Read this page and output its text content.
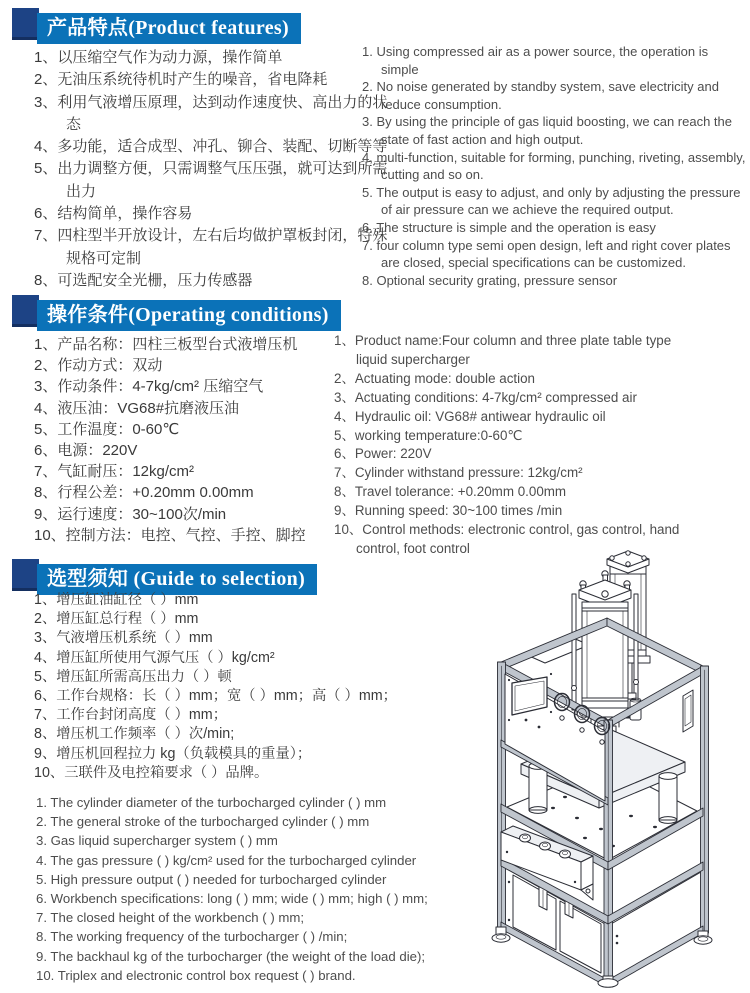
产品特点(Product features)
1、以压缩空气作为动力源，操作简单
2、无油压系统待机时产生的噪音，省电降耗
3、利用气液增压原理，达到动作速度快、高出力的状态
4、多功能，适合成型、冲孔、铆合、装配、切断等等
5、出力调整方便，只需调整气压压强，就可达到所需出力
6、结构简单，操作容易
7、四柱型半开放设计，左右后均做护罩板封闭，特殊规格可定制
8、可选配安全光栅，压力传感器
1. Using compressed air as a power source, the operation is simple
2. No noise generated by standby system, save electricity and reduce consumption.
3. By using the principle of gas liquid boosting, we can reach the state of fast action and high output.
4, multi-function, suitable for forming, punching, riveting, assembly, cutting and so on.
5. The output is easy to adjust, and only by adjusting the pressure of air pressure can we achieve the required output.
6. The structure is simple and the operation is easy
7. four column type semi open design, left and right cover plates are closed, special specifications can be customized.
8. Optional security grating, pressure sensor
操作条件(Operating conditions)
1、产品名称：四柱三板型台式液增压机
2、作动方式：双动
3、作动条件：4-7kg/cm² 压缩空气
4、液压油：VG68#抗磨液压油
5、工作温度：0-60℃
6、电源：220V
7、气缸耐压：12kg/cm²
8、行程公差：+0.20mm 0.00mm
9、运行速度：30~100次/min
10、控制方法：电控、气控、手控、脚控
1、Product name:Four column and three plate table type liquid supercharger
2、Actuating mode: double action
3、Actuating conditions: 4-7kg/cm² compressed air
4、Hydraulic oil: VG68# antiwear hydraulic oil
5、working temperature:0-60℃
6、Power: 220V
7、Cylinder withstand pressure: 12kg/cm²
8、Travel tolerance: +0.20mm 0.00mm
9、Running speed: 30~100 times /min
10、Control methods: electronic control, gas control, hand control, foot control
选型须知 (Guide to selection)
1、增压缸油缸径（ ）mm
2、增压缸总行程（ ）mm
3、气液增压机系统（ ）mm
4、增压缸所使用气源气压（ ）kg/cm²
5、增压缸所需高压出力（ ）顿
6、工作台规格：长（ ）mm；宽（ ）mm；高（ ）mm；
7、工作台封闭高度（ ）mm；
8、增压机工作频率（ ）次/min;
9、增压机回程拉力 kg（负载模具的重量）；
10、三联件及电控箱要求（ ）品牌。
1. The cylinder diameter of the turbocharged cylinder ( ) mm
2. The general stroke of the turbocharged cylinder ( ) mm
3. Gas liquid supercharger system ( ) mm
4. The gas pressure ( ) kg/cm² used for the turbocharged cylinder
5. High pressure output ( ) needed for turbocharged cylinder
6. Workbench specifications: long ( ) mm; wide ( ) mm; high ( ) mm;
7. The closed height of the workbench ( ) mm;
8. The working frequency of the turbocharger ( ) /min;
9. The backhaul kg of the turbocharger (the weight of the load die);
10. Triplex and electronic control box request ( ) brand.
